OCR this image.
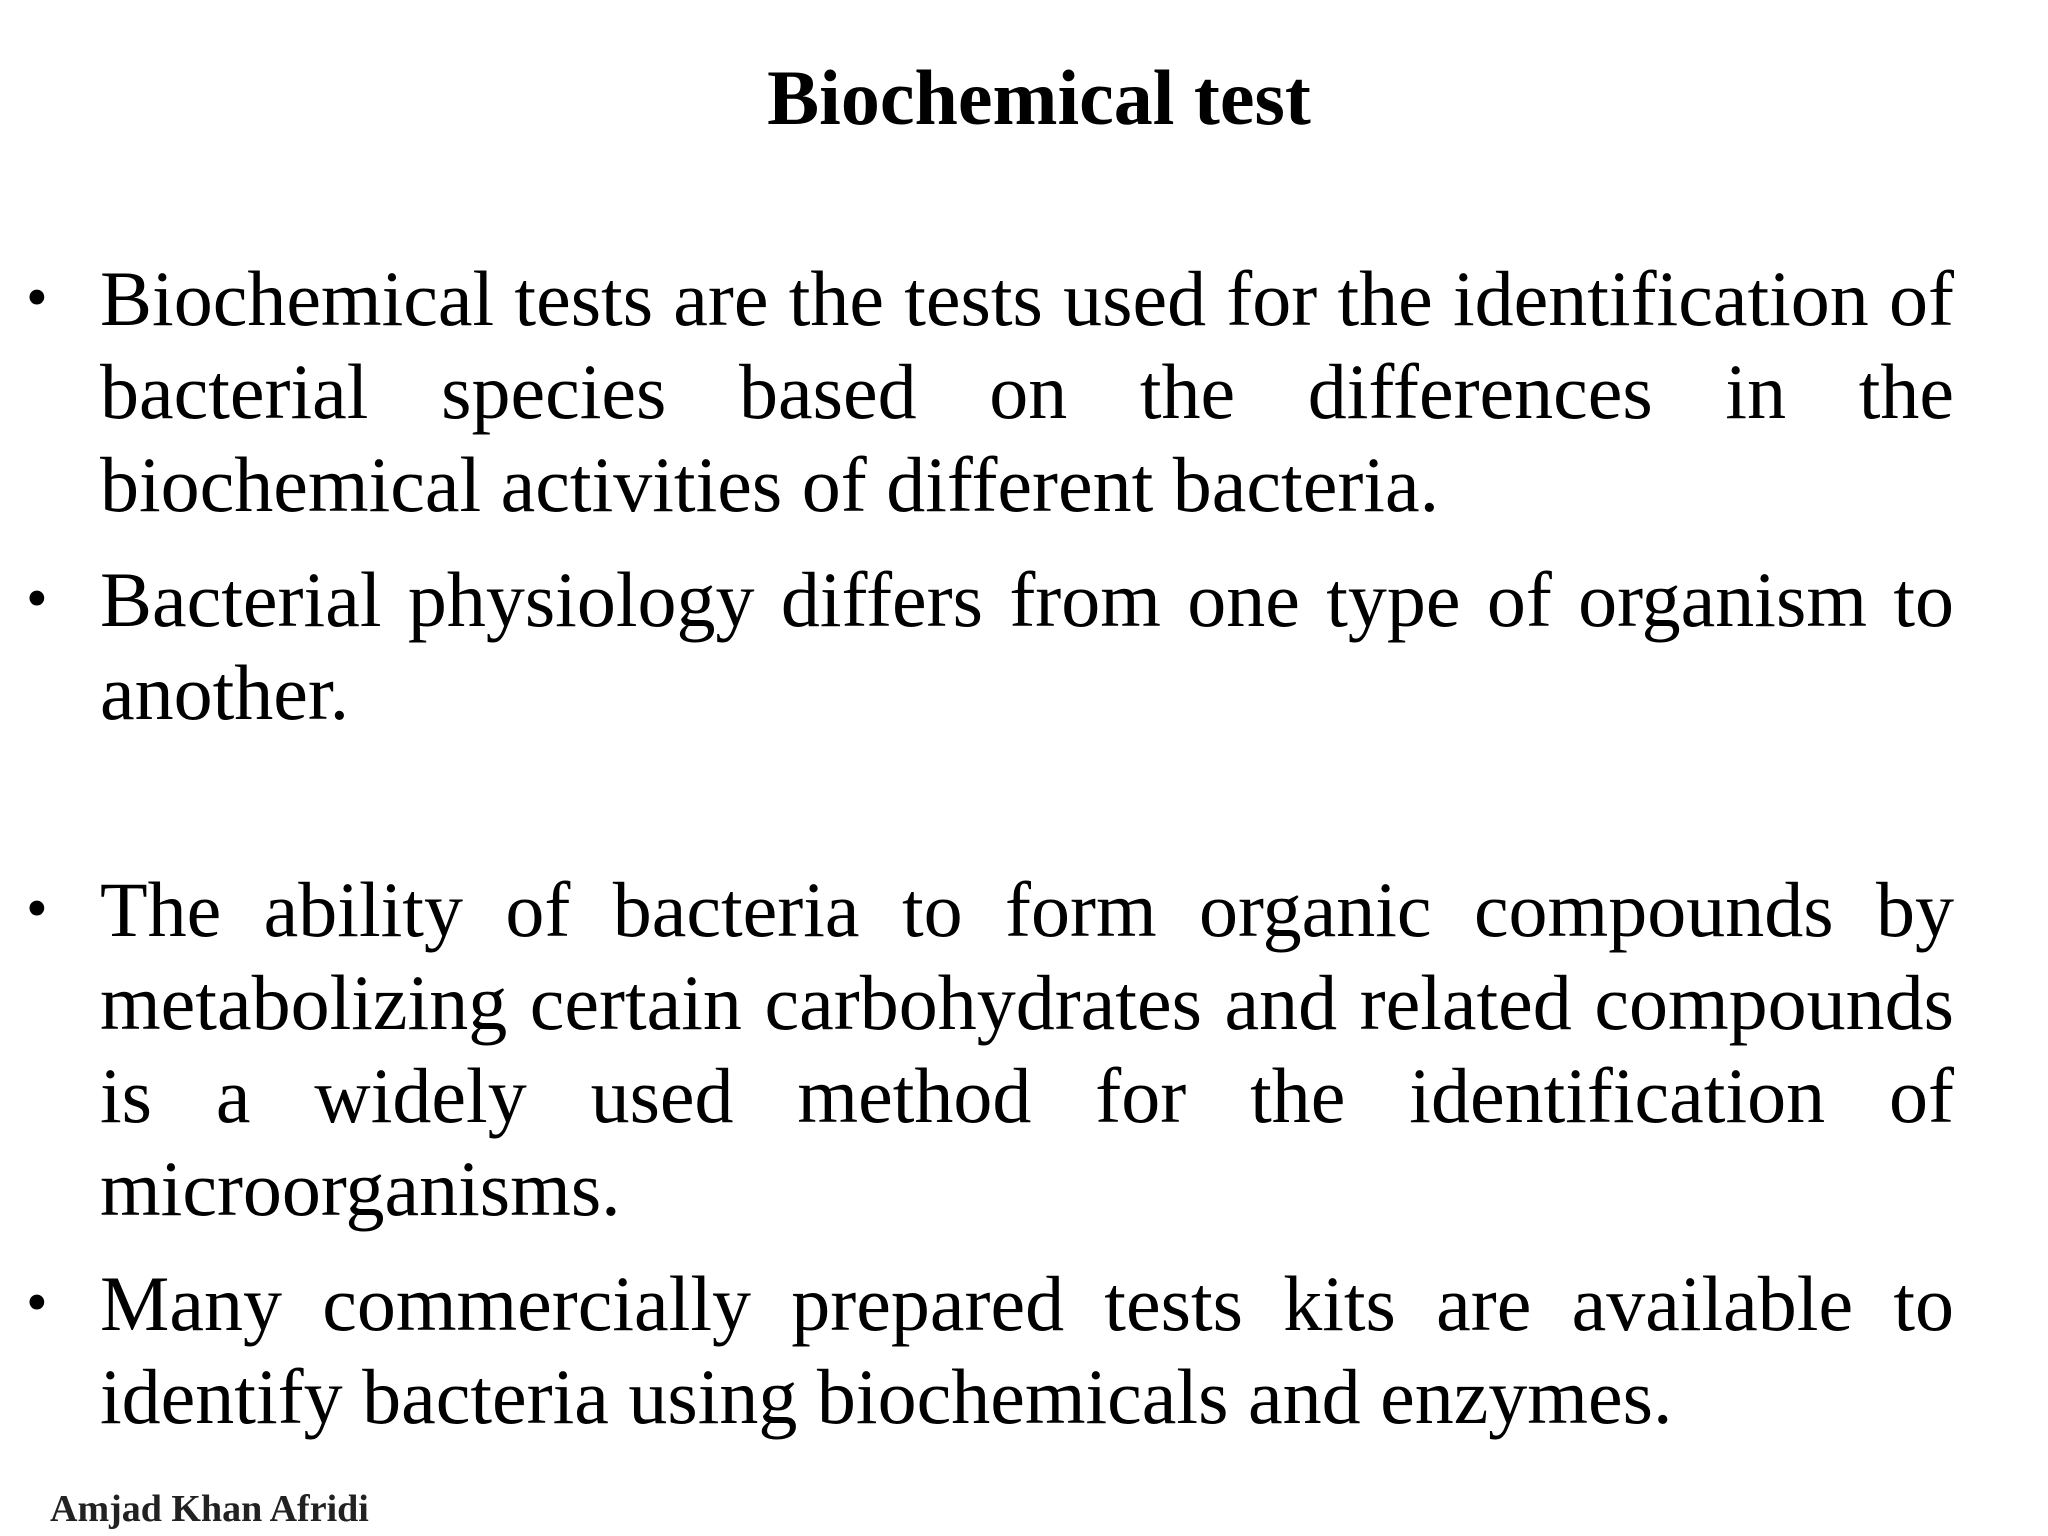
Biochemical test
• Biochemical tests are the tests used for the identification of bacterial species based on the differences in the biochemical activities of different bacteria.
• Bacterial physiology differs from one type of organism to another.
• The ability of bacteria to form organic compounds by metabolizing certain carbohydrates and related compounds is a widely used method for the identification of microorganisms.
• Many commercially prepared tests kits are available to identify bacteria using biochemicals and enzymes.
Amjad Khan Afridi
